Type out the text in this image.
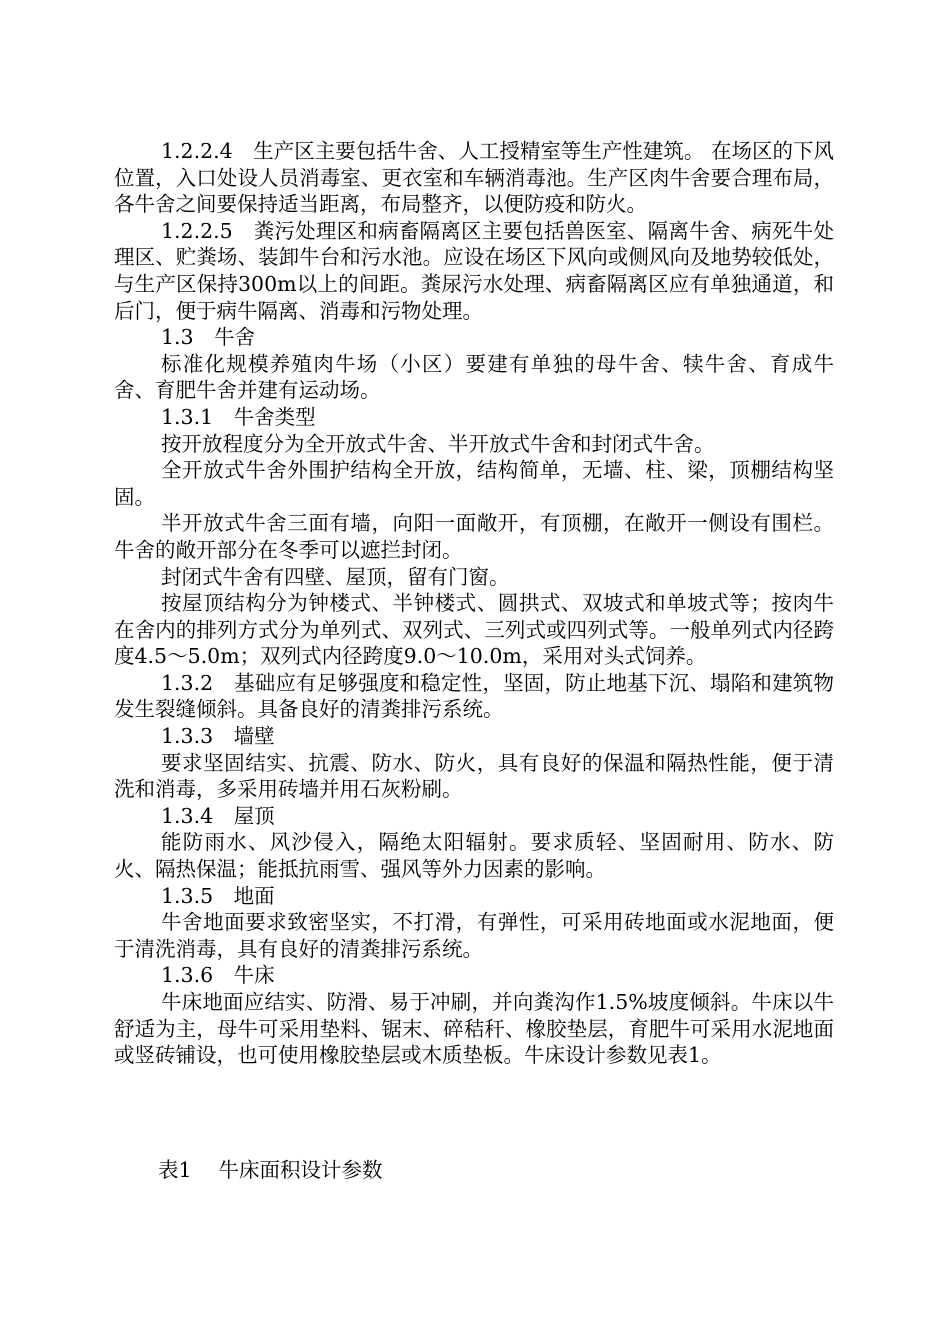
1.2.2.4　生产区主要包括牛舍、人工授精室等生产性建筑。 在场区的下风位置，入口处设人员消毒室、更衣室和车辆消毒池。生产区肉牛舍要合理布局，各牛舍之间要保持适当距离，布局整齐，以便防疫和防火。

1.2.2.5　粪污处理区和病畜隔离区主要包括兽医室、隔离牛舍、病死牛处理区、贮粪场、装卸牛台和污水池。应设在场区下风向或侧风向及地势较低处，与生产区保持300m以上的间距。粪尿污水处理、病畜隔离区应有单独通道，和后门，便于病牛隔离、消毒和污物处理。

1.3　牛舍

标准化规模养殖肉牛场（小区）要建有单独的母牛舍、犊牛舍、育成牛舍、育肥牛舍并建有运动场。

1.3.1　牛舍类型

按开放程度分为全开放式牛舍、半开放式牛舍和封闭式牛舍。

全开放式牛舍外围护结构全开放，结构简单，无墙、柱、梁，顶棚结构坚固。

半开放式牛舍三面有墙，向阳一面敞开，有顶棚，在敞开一侧设有围栏。牛舍的敞开部分在冬季可以遮拦封闭。

封闭式牛舍有四壁、屋顶，留有门窗。

按屋顶结构分为钟楼式、半钟楼式、圆拱式、双坡式和单坡式等；按肉牛在舍内的排列方式分为单列式、双列式、三列式或四列式等。一般单列式内径跨度4.5～5.0m；双列式内径跨度9.0～10.0m，采用对头式饲养。

1.3.2　基础应有足够强度和稳定性，坚固，防止地基下沉、塌陷和建筑物发生裂缝倾斜。具备良好的清粪排污系统。

1.3.3　墙壁

要求坚固结实、抗震、防水、防火，具有良好的保温和隔热性能，便于清洗和消毒，多采用砖墙并用石灰粉刷。

1.3.4　屋顶

能防雨水、风沙侵入，隔绝太阳辐射。要求质轻、坚固耐用、防水、防火、隔热保温；能抵抗雨雪、强风等外力因素的影响。

1.3.5　地面

牛舍地面要求致密坚实，不打滑，有弹性，可采用砖地面或水泥地面，便于清洗消毒，具有良好的清粪排污系统。

1.3.6　牛床

牛床地面应结实、防滑、易于冲刷，并向粪沟作1.5%坡度倾斜。牛床以牛舒适为主，母牛可采用垫料、锯末、碎秸秆、橡胶垫层，育肥牛可采用水泥地面或竖砖铺设，也可使用橡胶垫层或木质垫板。牛床设计参数见表1。

表1　 牛床面积设计参数
